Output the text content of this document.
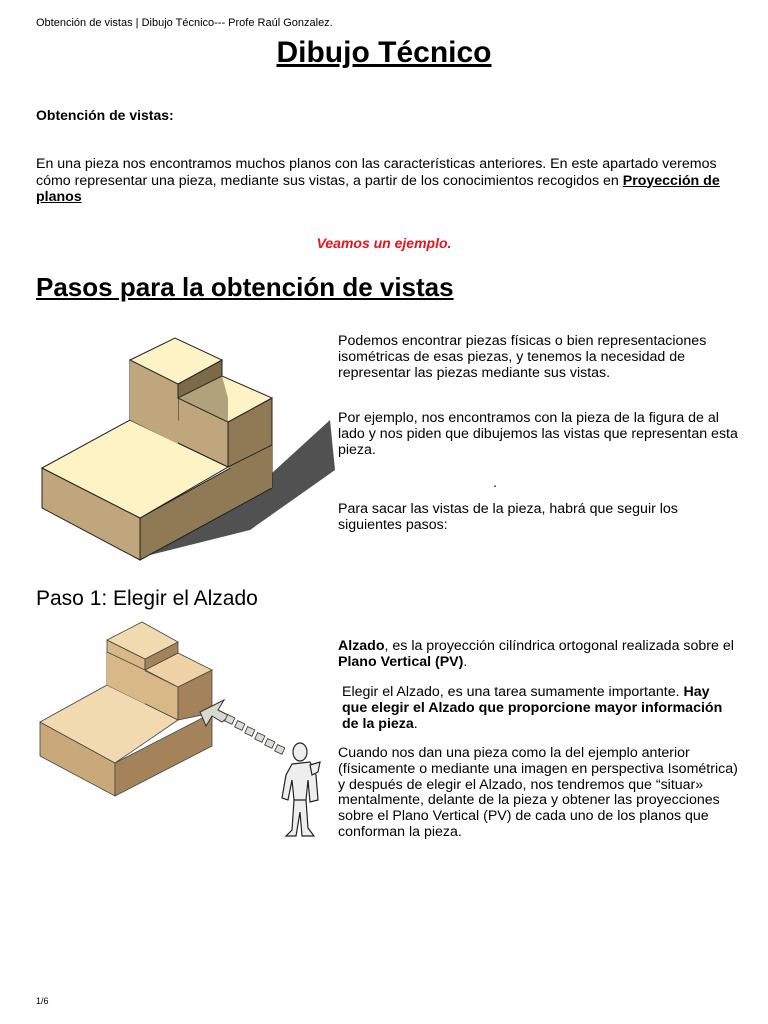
Obtención de vistas | Dibujo Técnico--- Profe Raúl Gonzalez.
Dibujo Técnico
Obtención de vistas:
En una pieza nos encontramos muchos planos con las características anteriores. En este apartado veremos cómo representar una pieza, mediante sus vistas, a partir de los conocimientos recogidos en Proyección de planos
Veamos un ejemplo.
Pasos para la obtención de vistas
Podemos encontrar piezas físicas o bien representaciones isométricas de esas piezas, y tenemos la necesidad de representar las piezas mediante sus vistas.
Por ejemplo, nos encontramos con la pieza de la figura de al lado y nos piden que dibujemos las vistas que representan esta pieza.
.
Para sacar las vistas de la pieza, habrá que seguir los siguientes pasos:
Paso 1: Elegir el Alzado
Alzado, es la proyección cilíndrica ortogonal realizada sobre el Plano Vertical (PV).
Elegir el Alzado, es una tarea sumamente importante. Hay que elegir el Alzado que proporcione mayor información de la pieza.
Cuando nos dan una pieza como la del ejemplo anterior (físicamente o mediante una imagen en perspectiva Isométrica) y después de elegir el Alzado, nos tendremos que “situar» mentalmente, delante de la pieza y obtener las proyecciones sobre el Plano Vertical (PV) de cada uno de los planos que conforman la pieza.
1/6
